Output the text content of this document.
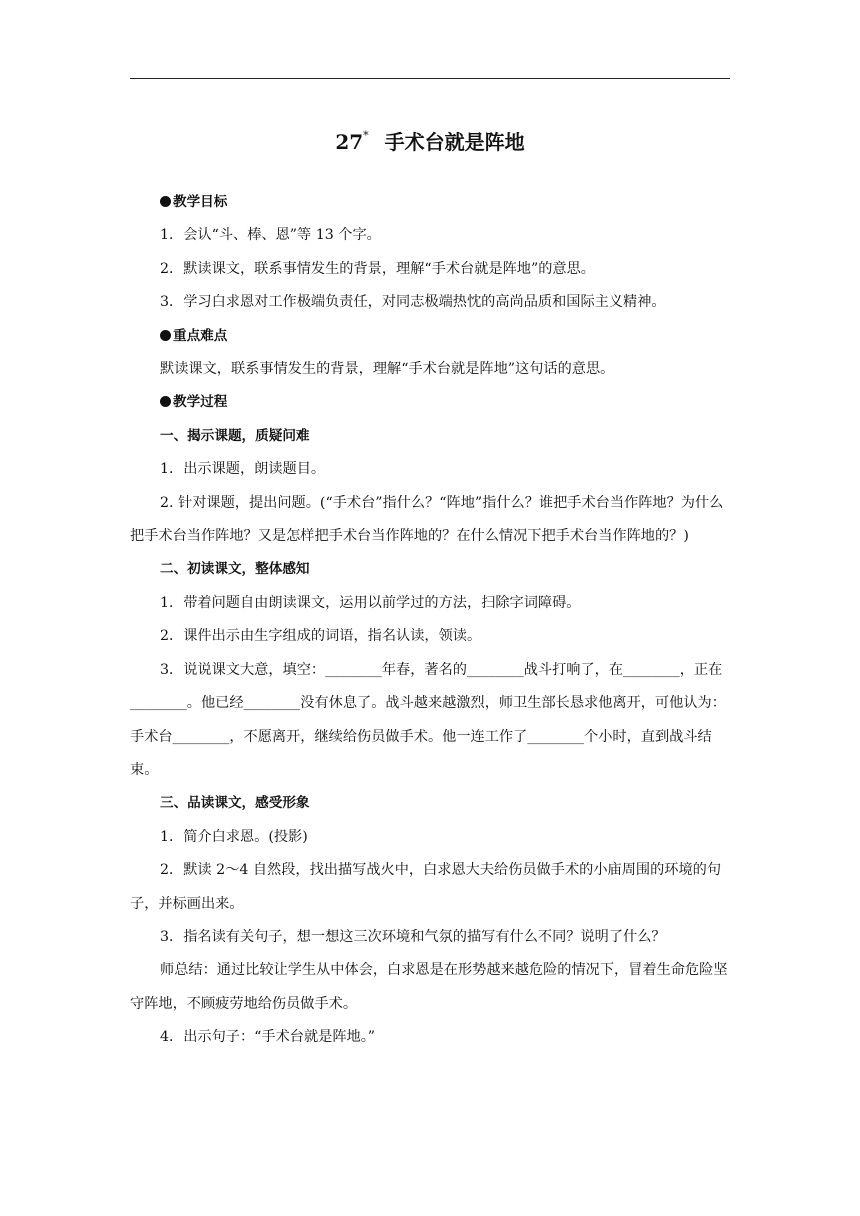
27* 手术台就是阵地

教学目标

1．会认“斗、棒、恩”等 13 个字。

2．默读课文，联系事情发生的背景，理解“手术台就是阵地”的意思。

3．学习白求恩对工作极端负责任，对同志极端热忱的高尚品质和国际主义精神。

重点难点

默读课文，联系事情发生的背景，理解“手术台就是阵地”这句话的意思。

教学过程

一、揭示课题，质疑问难

1．出示课题，朗读题目。

2. 针对课题，提出问题。(“手术台”指什么？“阵地”指什么？谁把手术台当作阵地？为什么把手术台当作阵地？又是怎样把手术台当作阵地的？在什么情况下把手术台当作阵地的？)

二、初读课文，整体感知

1．带着问题自由朗读课文，运用以前学过的方法，扫除字词障碍。

2．课件出示由生字组成的词语，指名认读，领读。

3．说说课文大意，填空：________年春，著名的________战斗打响了，在________，正在________。他已经________没有休息了。战斗越来越激烈，师卫生部长恳求他离开，可他认为：手术台________，不愿离开，继续给伤员做手术。他一连工作了________个小时，直到战斗结束。

三、品读课文，感受形象

1．简介白求恩。(投影)

2．默读 2～4 自然段，找出描写战火中，白求恩大夫给伤员做手术的小庙周围的环境的句子，并标画出来。

3．指名读有关句子，想一想这三次环境和气氛的描写有什么不同？说明了什么？

师总结：通过比较让学生从中体会，白求恩是在形势越来越危险的情况下，冒着生命危险坚守阵地，不顾疲劳地给伤员做手术。

4．出示句子：“手术台就是阵地。”
